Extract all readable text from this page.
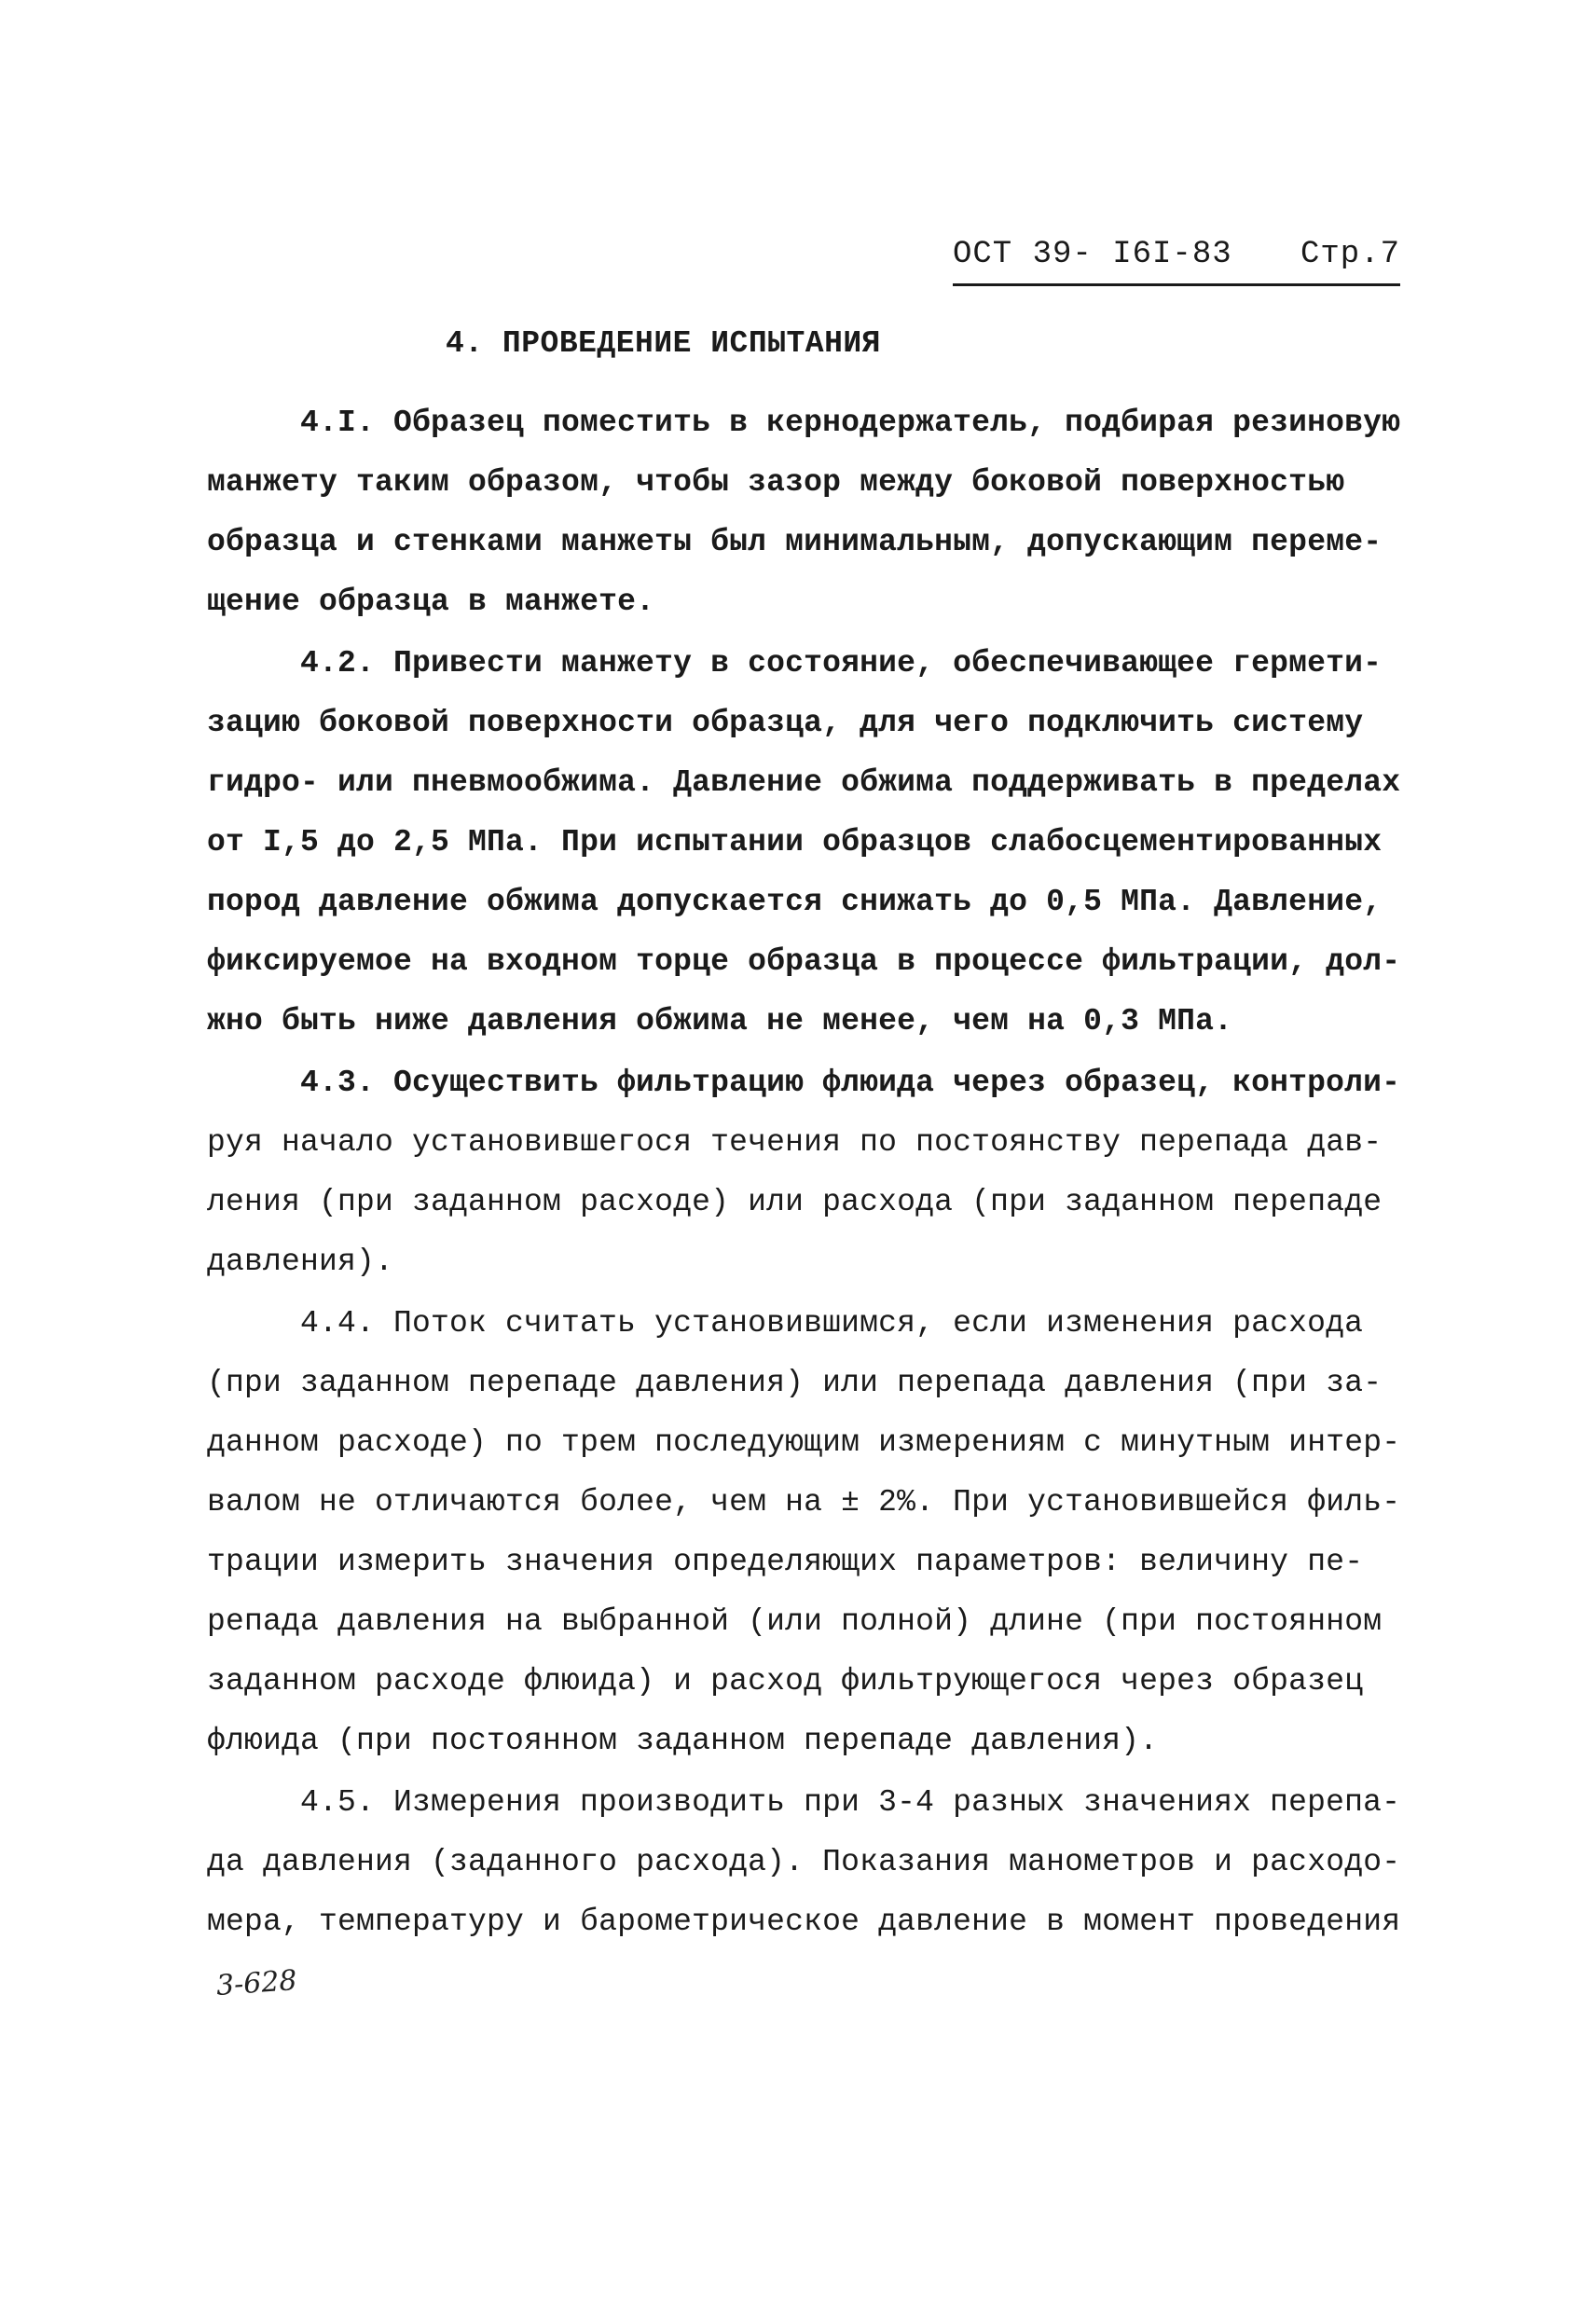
ОСТ 39- I6I-83 Стр.7
4. ПРОВЕДЕНИЕ ИСПЫТАНИЯ
4.I. Образец поместить в кернодержатель, подбирая резиновую
манжету таким образом, чтобы зазор между боковой поверхностью
образца и стенками манжеты был минимальным, допускающим переме-
щение образца в манжете.
4.2. Привести манжету в состояние, обеспечивающее гермети-
зацию боковой поверхности образца, для чего подключить систему
гидро- или пневмообжима. Давление обжима поддерживать в пределах
от I,5 до 2,5 МПа. При испытании образцов слабосцементированных
пород давление обжима допускается снижать до 0,5 МПа. Давление,
фиксируемое на входном торце образца в процессе фильтрации, дол-
жно быть ниже давления обжима не менее, чем на 0,3 МПа.
4.3. Осуществить фильтрацию флюида через образец, контроли-
руя начало установившегося течения по постоянству перепада дав-
ления (при заданном расходе) или расхода (при заданном перепаде
давления).
4.4. Поток считать установившимся, если изменения расхода
(при заданном перепаде давления) или перепада давления (при за-
данном расходе) по трем последующим измерениям с минутным интер-
валом не отличаются более, чем на ± 2%. При установившейся филь-
трации измерить значения определяющих параметров: величину пе-
репада давления на выбранной (или полной) длине (при постоянном
заданном расходе флюида) и расход фильтрующегося через образец
флюида (при постоянном заданном перепаде давления).
4.5. Измерения производить при 3-4 разных значениях перепа-
да давления (заданного расхода). Показания манометров и расходо-
мера, температуру и барометрическое давление в момент проведения
3-628
